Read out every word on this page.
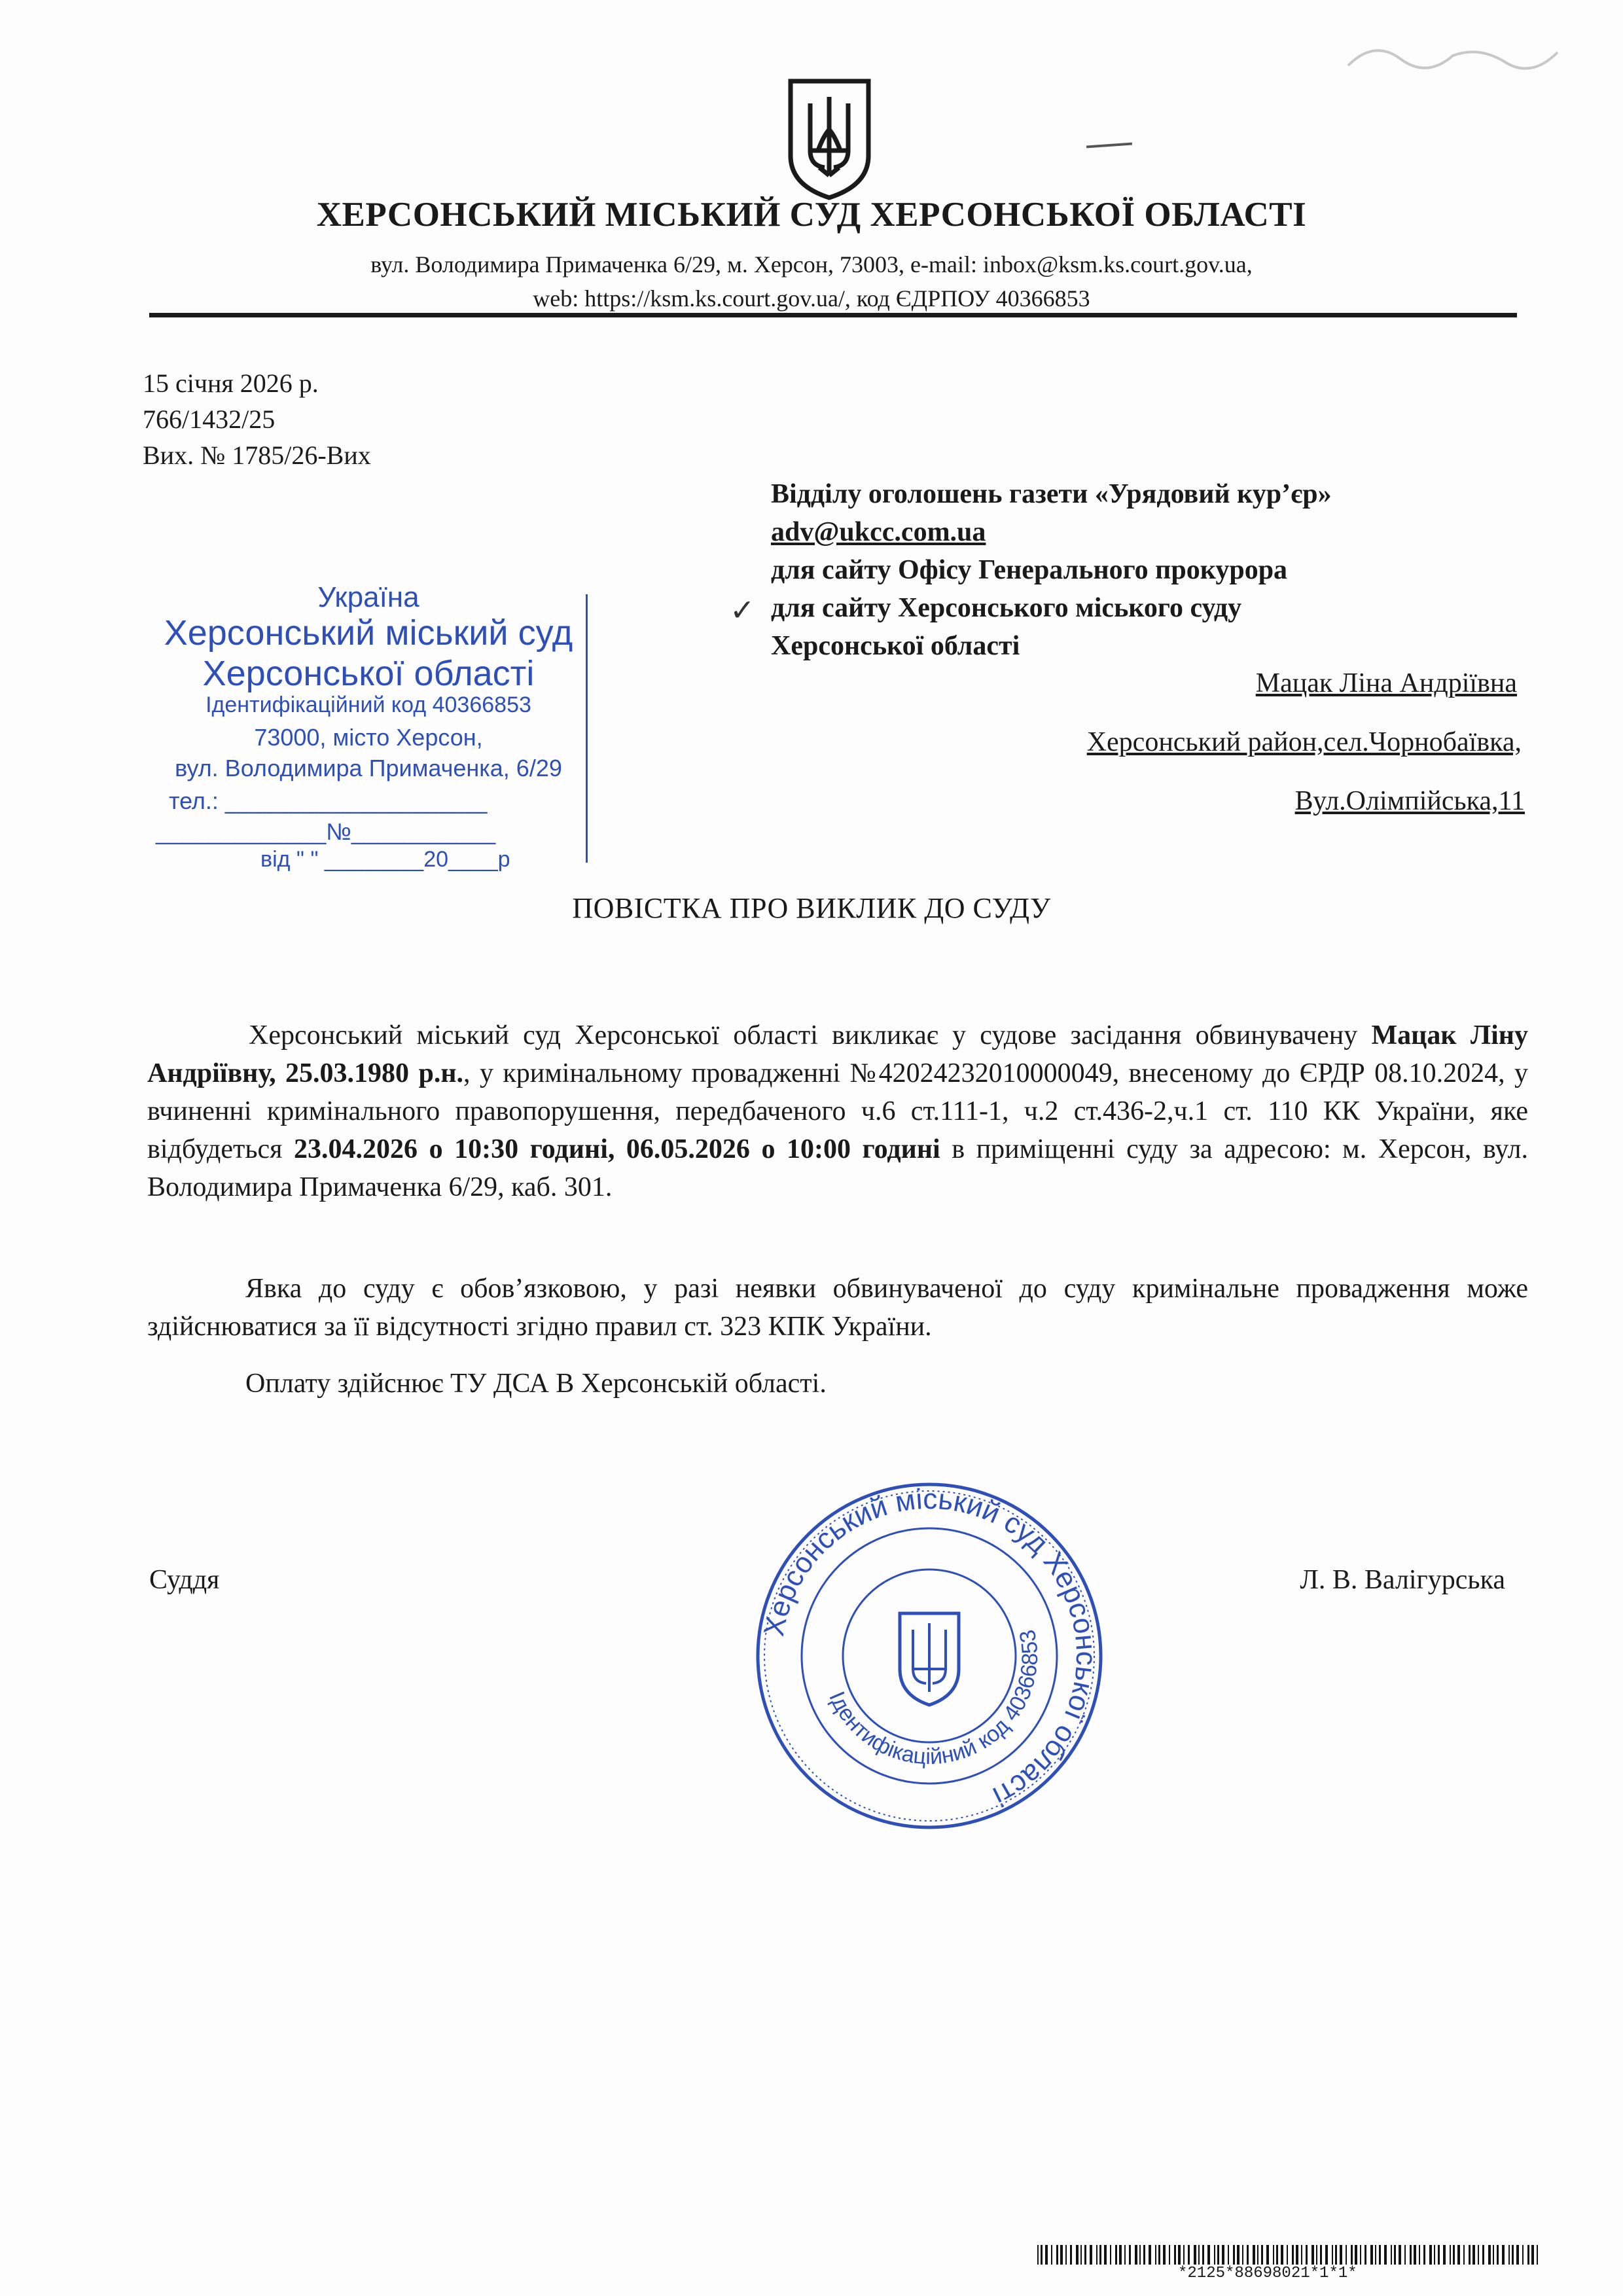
ХЕРСОНСЬКИЙ МІСЬКИЙ СУД ХЕРСОНСЬКОЇ ОБЛАСТІ
вул. Володимира Примаченка 6/29, м. Херсон, 73003, e-mail: inbox@ksm.ks.court.gov.ua,
web: https://ksm.ks.court.gov.ua/, код ЄДРПОУ 40366853
15 січня 2026 р.
766/1432/25
Вих. № 1785/26-Вих
Відділу оголошень газети «Урядовий кур’єр»
adv@ukcc.com.ua
для сайту Офісу Генерального прокурора
для сайту Херсонського міського суду
Херсонської області
✓
Мацак Ліна Андріївна
Херсонський район,сел.Чорнобаївка,
Вул.Олімпійська,11
Україна
Херсонський міський суд
Херсонської області
Ідентифікаційний код 40366853
73000, місто Херсон,
вул. Володимира Примаченка, 6/29
тел.: ____________________
_____________№___________
від " " ________20____р
ПОВІСТКА ПРО ВИКЛИК ДО СУДУ
Херсонський міський суд Херсонської області викликає у судове засідання обвинувачену Мацак Ліну Андріївну, 25.03.1980 р.н., у кримінальному провадженні №42024232010000049, внесеному до ЄРДР 08.10.2024, у вчиненні кримінального правопорушення, передбаченого ч.6 ст.111-1, ч.2 ст.436-2,ч.1 ст. 110 КК України, яке відбудеться 23.04.2026 о 10:30 годині, 06.05.2026 о 10:00 годині в приміщенні суду за адресою: м. Херсон, вул. Володимира Примаченка 6/29, каб. 301.
Явка до суду є обов’язковою, у разі неявки обвинуваченої до суду кримінальне провадження може здійснюватися за її відсутності згідно правил ст. 323 КПК України.
Оплату здійснює ТУ ДСА В Херсонській області.
Суддя	Л. В. Валігурська
Херсонський міський суд Херсонської області
Ідентифікаційний код 40366853
*2125*88698021*1*1*
